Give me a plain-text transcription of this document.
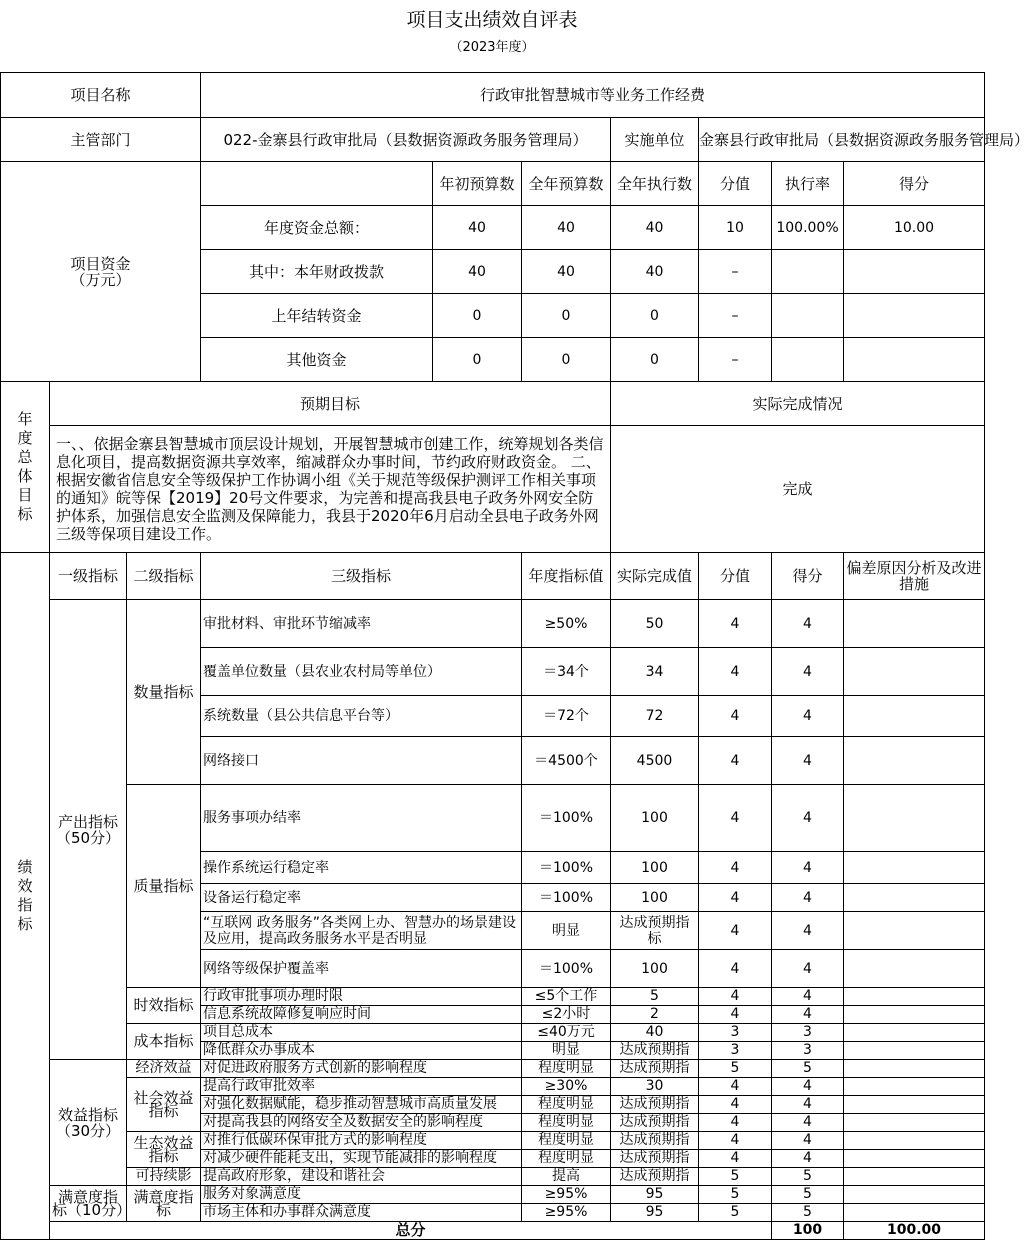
项目支出绩效自评表
（2023年度）
项目名称			行政审批智慧城市等业务工作经费							
主管部门			022-金寨县行政审批局（县数据资源政务服务管理局）			实施单位	金寨县行政审批局（县数据资源政务服务管理局）			
项目资金
（万元）				年初预算数	全年预算数	全年执行数	分值	执行率	得分	
			年度资金总额：	40	40	40	10	100.00%	10.00	
			其中：本年财政拨款	40	40	40	–			
			上年结转资金	0	0	0	–			
			其他资金	0	0	0	–			
年度总体目标	预期目标					实际完成情况				
	一、、依据金寨县智慧城市顶层设计规划，开展智慧城市创建工作，统筹规划各类信息化项目，提高数据资源共享效率，缩减群众办事时间，节约政府财政资金。 二、根据安徽省信息安全等级保护工作协调小组《关于规范等级保护测评工作相关事项的通知》皖等保【2019】20号文件要求，为完善和提高我县电子政务外网安全防护体系，加强信息安全监测及保障能力，我县于2020年6月启动全县电子政务外网三级等保项目建设工作。					完成				
绩效指标	一级指标	二级指标	三级指标		年度指标值	实际完成值	分值	得分	偏差原因分析及改进措施	
	产出指标（50分）	数量指标	审批材料、审批环节缩减率		≥50%	50	4	4		
			覆盖单位数量（县农业农村局等单位）		＝34个	34	4	4		
			系统数量（县公共信息平台等）		＝72个	72	4	4		
			网络接口		＝4500个	4500	4	4		
		质量指标	服务事项办结率		＝100%	100	4	4		
			操作系统运行稳定率		＝100%	100	4	4		
			设备运行稳定率		＝100%	100	4	4		
			“互联网 政务服务”各类网上办、智慧办的场景建设及应用，提高政务服务水平是否明显		明显	达成预期指标	4	4		
			网络等级保护覆盖率		＝100%	100	4	4		
		时效指标	行政审批事项办理时限		≤5个工作	5	4	4		
			信息系统故障修复响应时间		≤2小时	2	4	4		
		成本指标	项目总成本		≤40万元	40	3	3		
			降低群众办事成本		明显	达成预期指	3	3		
	效益指标（30分）	经济效益	对促进政府服务方式创新的影响程度		程度明显	达成预期指	5	5		
		社会效益指标	提高行政审批效率		≥30%	30	4	4		
			对强化数据赋能，稳步推动智慧城市高质量发展		程度明显	达成预期指	4	4		
			对提高我县的网络安全及数据安全的影响程度		程度明显	达成预期指	4	4		
		生态效益指标	对推行低碳环保审批方式的影响程度		程度明显	达成预期指	4	4		
			对减少硬件能耗支出，实现节能减排的影响程度		程度明显	达成预期指	4	4		
		可持续影	提高政府形象，建设和谐社会		提高	达成预期指	5	5		
	满意度指标（10分）	满意度指标	服务对象满意度		≥95%	95	5	5		
			市场主体和办事群众满意度		≥95%	95	5	5		
	总分							100	100.00	
